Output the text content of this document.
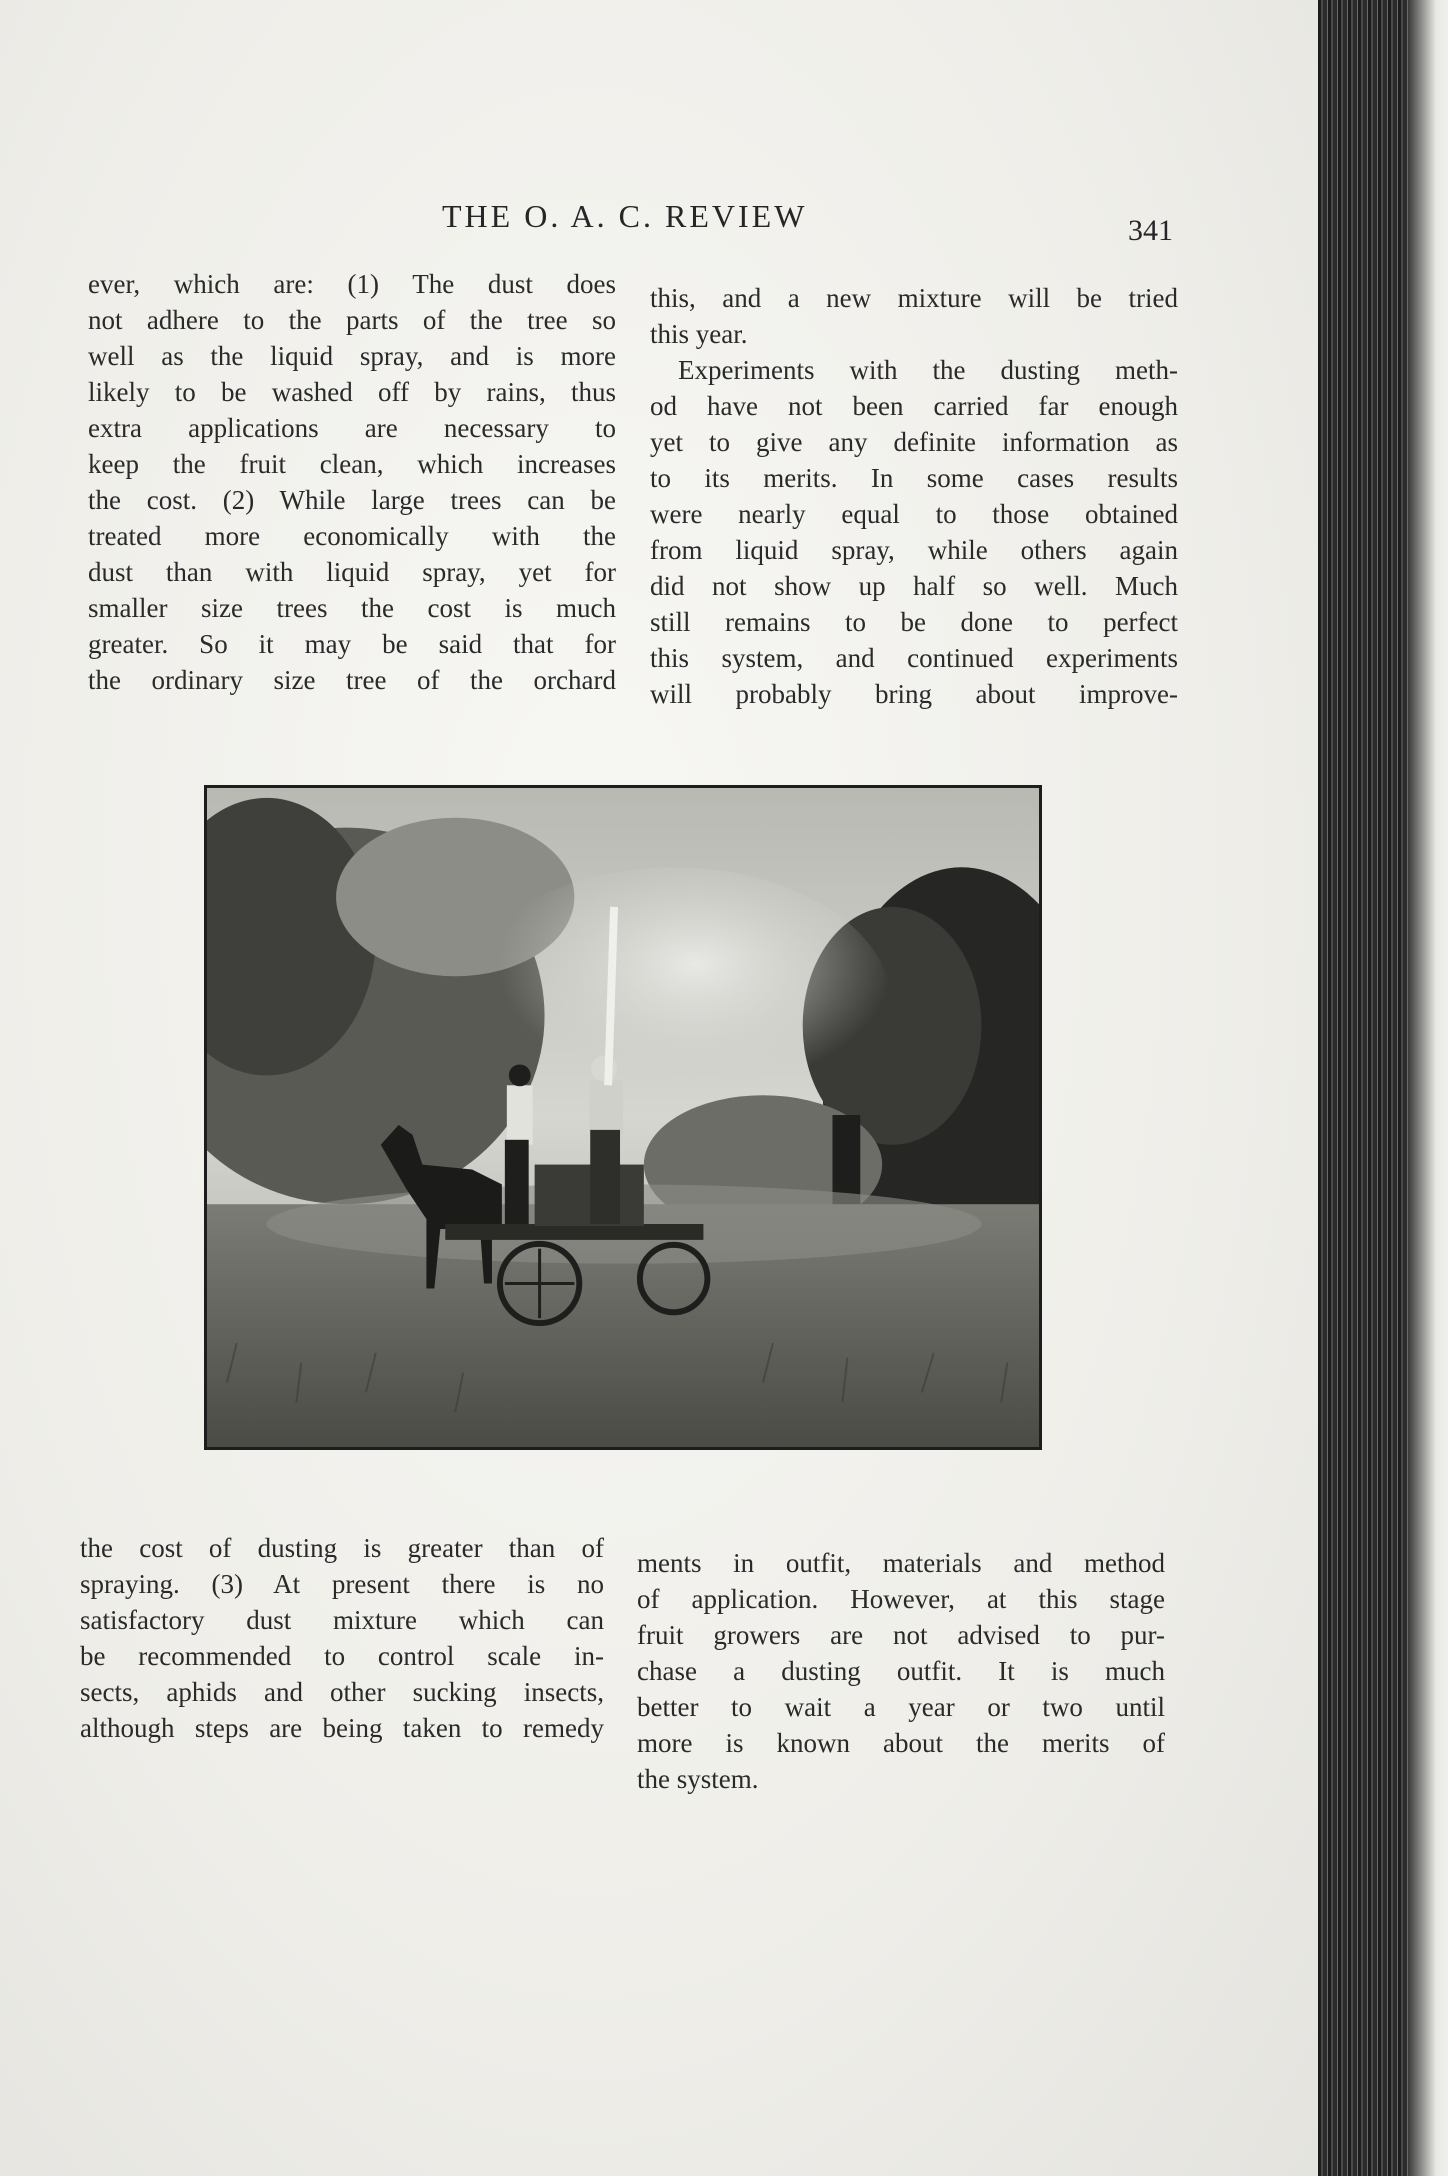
THE O. A. C. REVIEW	341
ever, which are: (1) The dust does
not adhere to the parts of the tree so
well as the liquid spray, and is more
likely to be washed off by rains, thus
extra applications are necessary to
keep the fruit clean, which increases
the cost. (2) While large trees can be
treated more economically with the
dust than with liquid spray, yet for
smaller size trees the cost is much
greater. So it may be said that for
the ordinary size tree of the orchard
this, and a new mixture will be tried
this year.
Experiments with the dusting meth-
od have not been carried far enough
yet to give any definite information as
to its merits. In some cases results
were nearly equal to those obtained
from liquid spray, while others again
did not show up half so well. Much
still remains to be done to perfect
this system, and continued experiments
will probably bring about improve-
the cost of dusting is greater than of
spraying. (3) At present there is no
satisfactory dust mixture which can
be recommended to control scale in-
sects, aphids and other sucking insects,
although steps are being taken to remedy
ments in outfit, materials and method
of application. However, at this stage
fruit growers are not advised to pur-
chase a dusting outfit. It is much
better to wait a year or two until
more is known about the merits of
the system.
